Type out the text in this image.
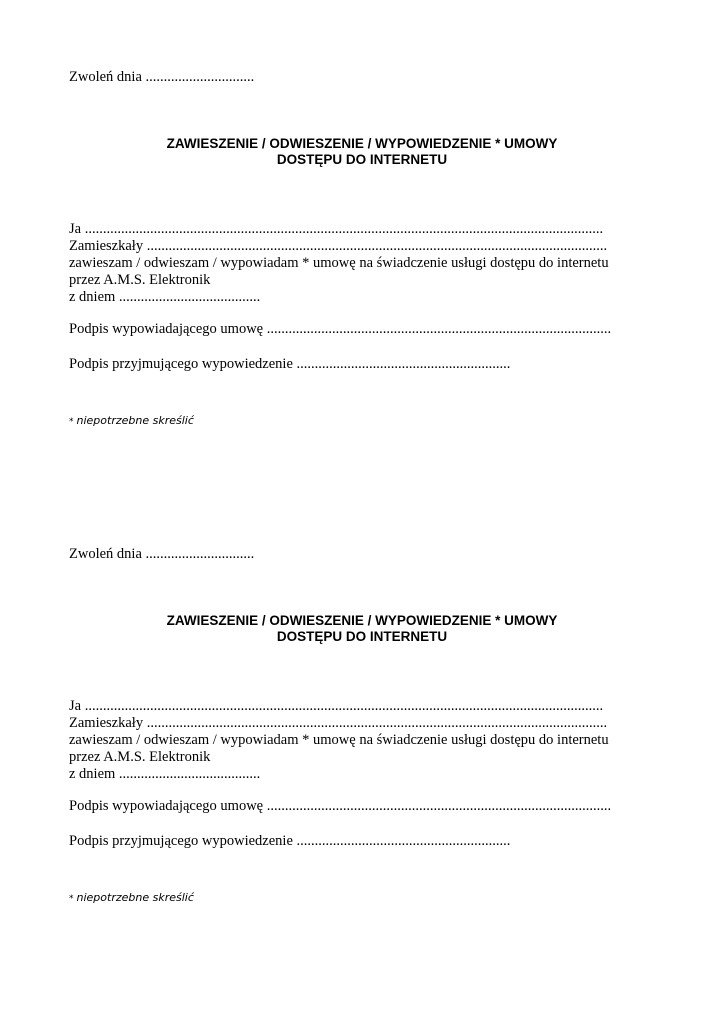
Zwoleń dnia ..............................
ZAWIESZENIE / ODWIESZENIE / WYPOWIEDZENIE * UMOWY
DOSTĘPU DO INTERNETU
Ja ...............................................................................................................................................
Zamieszkały ...............................................................................................................................
zawieszam / odwieszam / wypowiadam * umowę na świadczenie usługi dostępu do internetu
przez A.M.S. Elektronik
z dniem .......................................
Podpis wypowiadającego umowę ...............................................................................................
Podpis przyjmującego wypowiedzenie ...........................................................
* niepotrzebne skreślić
Zwoleń dnia ..............................
ZAWIESZENIE / ODWIESZENIE / WYPOWIEDZENIE * UMOWY
DOSTĘPU DO INTERNETU
Ja ...............................................................................................................................................
Zamieszkały ...............................................................................................................................
zawieszam / odwieszam / wypowiadam * umowę na świadczenie usługi dostępu do internetu
przez A.M.S. Elektronik
z dniem .......................................
Podpis wypowiadającego umowę ...............................................................................................
Podpis przyjmującego wypowiedzenie ...........................................................
* niepotrzebne skreślić
